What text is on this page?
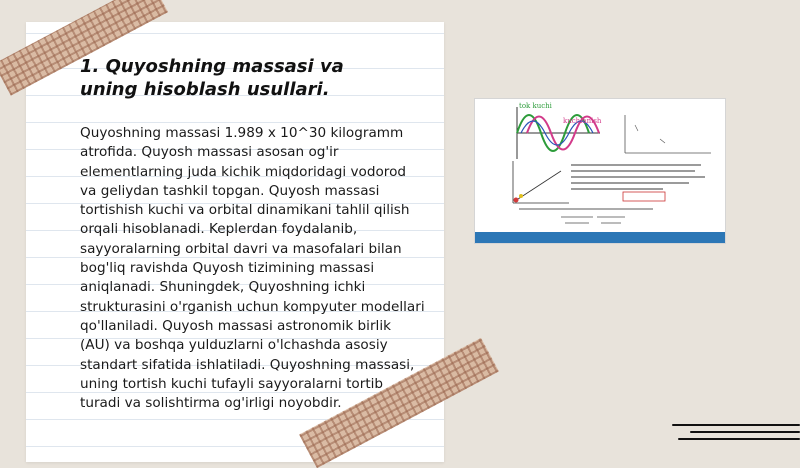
1. Quyoshning massasi va uning hisoblash usullari.

Quyoshning massasi 1.989 x 10^30 kilogramm atrofida. Quyosh massasi asosan og'ir elementlarning juda kichik miqdoridagi vodorod va geliydan tashkil topgan. Quyosh massasi tortishish kuchi va orbital dinamikani tahlil qilish orqali hisoblanadi. Keplerdan foydalanib, sayyoralarning orbital davri va masofalari bilan bog'liq ravishda Quyosh tizimining massasi aniqlanadi. Shuningdek, Quyoshning ichki strukturasini o'rganish uchun kompyuter modellari qo'llaniladi. Quyosh massasi astronomik birlik (AU) va boshqa yulduzlarni o'lchashda asosiy standart sifatida ishlatiladi. Quyoshning massasi, uning tortish kuchi tufayli sayyoralarni tortib turadi va solishtirma og'irligi noyobdir.

tok kuchi
kuchlanish
